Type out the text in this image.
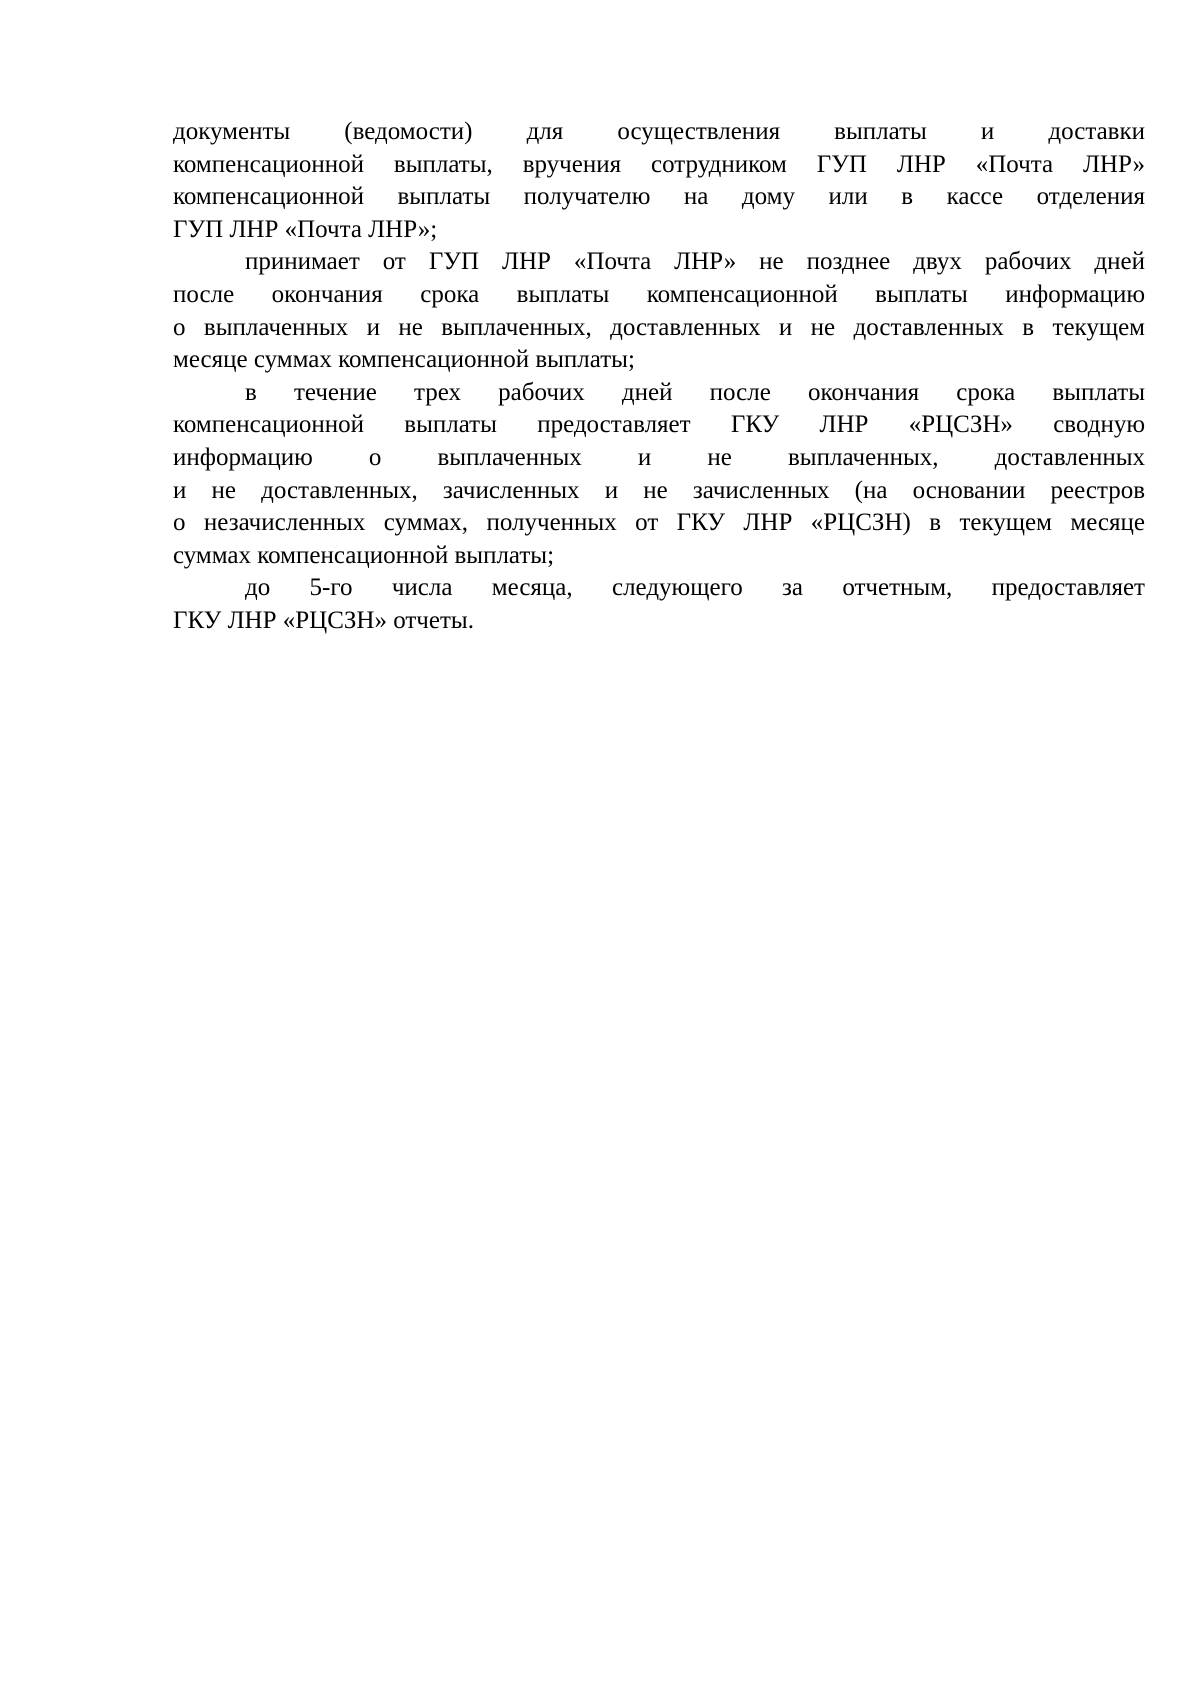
документы (ведомости) для осуществления выплаты и доставки
компенсационной выплаты, вручения сотрудником ГУП ЛНР «Почта ЛНР»
компенсационной выплаты получателю на дому или в кассе отделения
ГУП ЛНР «Почта ЛНР»;

принимает от ГУП ЛНР «Почта ЛНР» не позднее двух рабочих дней
после окончания срока выплаты компенсационной выплаты информацию
о выплаченных и не выплаченных, доставленных и не доставленных в текущем
месяце суммах компенсационной выплаты;

в течение трех рабочих дней после окончания срока выплаты
компенсационной выплаты предоставляет ГКУ ЛНР «РЦСЗН» сводную
информацию о выплаченных и не выплаченных, доставленных
и не доставленных, зачисленных и не зачисленных (на основании реестров
о незачисленных суммах, полученных от ГКУ ЛНР «РЦСЗН) в текущем месяце
суммах компенсационной выплаты;

до 5-го числа месяца, следующего за отчетным, предоставляет
ГКУ ЛНР «РЦСЗН» отчеты.
